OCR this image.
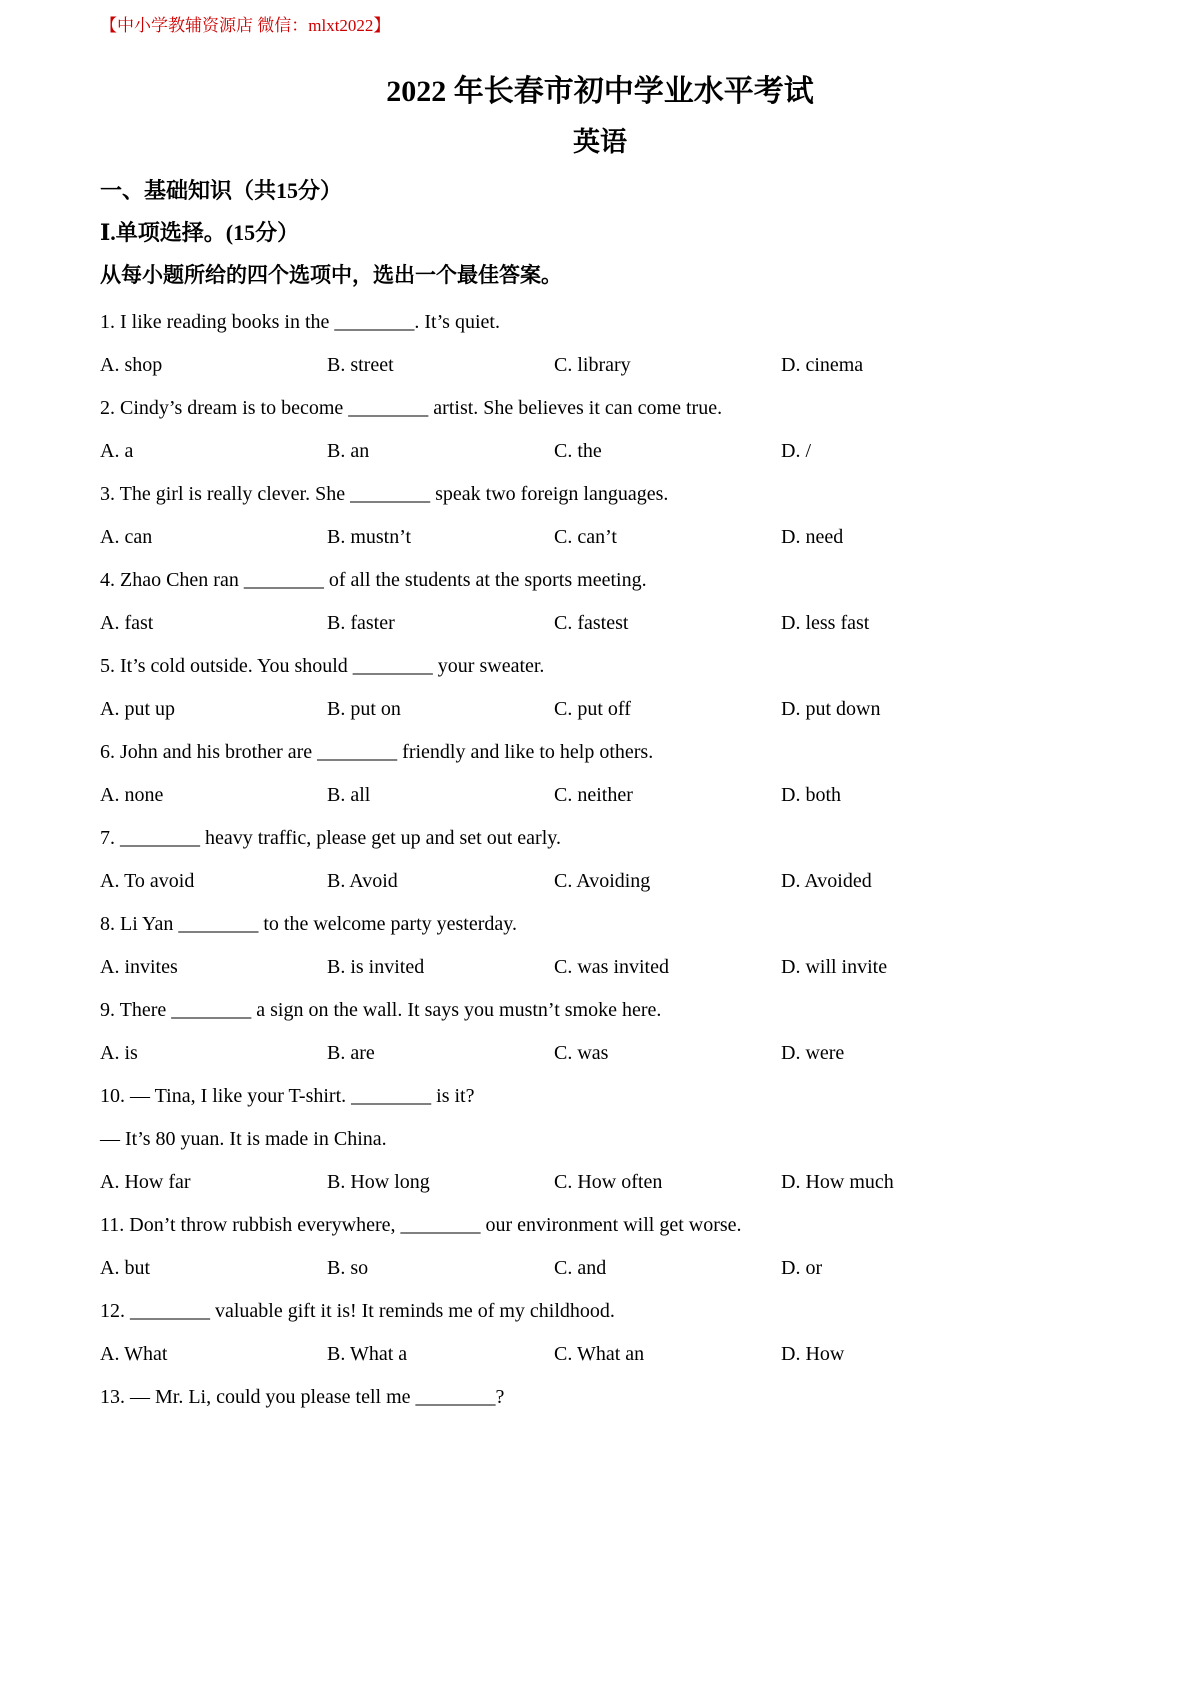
【中小学教辅资源店 微信：mlxt2022】
2022 年长春市初中学业水平考试
英语
一、基础知识（共15分）
Ⅰ.单项选择。(15分）
从每小题所给的四个选项中，选出一个最佳答案。
1. I like reading books in the ________. It’s quiet.
A. shop	B. street	C. library	D. cinema
2. Cindy’s dream is to become ________ artist. She believes it can come true.
A. a	B. an	C. the	D. /
3. The girl is really clever. She ________ speak two foreign languages.
A. can	B. mustn’t	C. can’t	D. need
4. Zhao Chen ran ________ of all the students at the sports meeting.
A. fast	B. faster	C. fastest	D. less fast
5. It’s cold outside. You should ________ your sweater.
A. put up	B. put on	C. put off	D. put down
6. John and his brother are ________ friendly and like to help others.
A. none	B. all	C. neither	D. both
7. ________ heavy traffic, please get up and set out early.
A. To avoid	B. Avoid	C. Avoiding	D. Avoided
8. Li Yan ________ to the welcome party yesterday.
A. invites	B. is invited	C. was invited	D. will invite
9. There ________ a sign on the wall. It says you mustn’t smoke here.
A. is	B. are	C. was	D. were
10. — Tina, I like your T-shirt. ________ is it?
— It’s 80 yuan. It is made in China.
A. How far	B. How long	C. How often	D. How much
11. Don’t throw rubbish everywhere, ________ our environment will get worse.
A. but	B. so	C. and	D. or
12. ________ valuable gift it is! It reminds me of my childhood.
A. What	B. What a	C. What an	D. How
13. — Mr. Li, could you please tell me ________?
